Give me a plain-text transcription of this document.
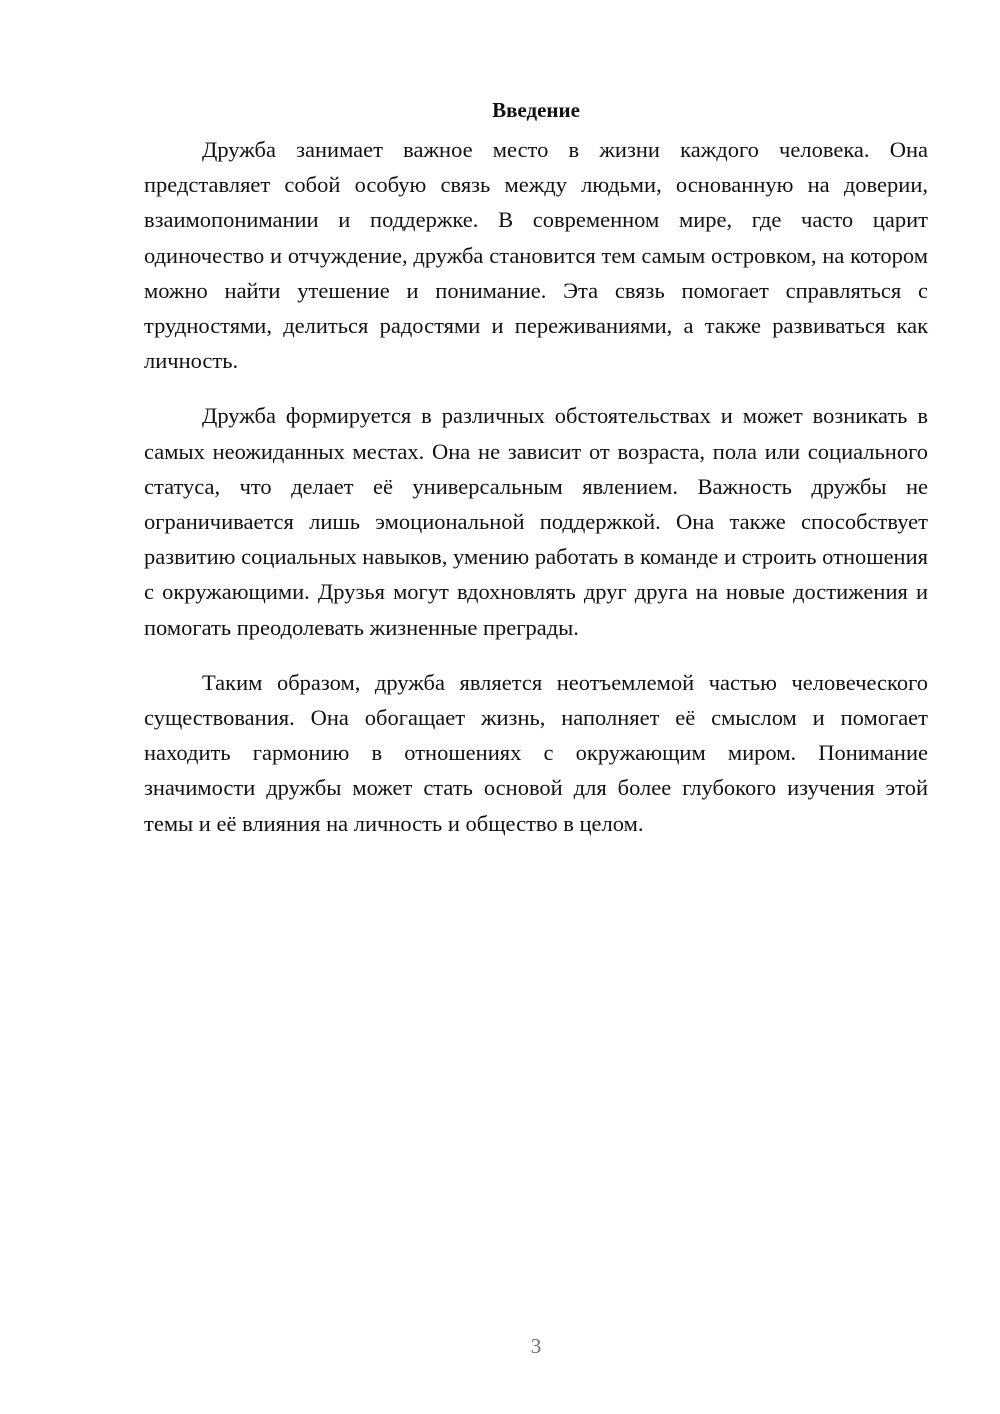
Введение

Дружба занимает важное место в жизни каждого человека. Она представляет собой особую связь между людьми, основанную на доверии, взаимопонимании и поддержке. В современном мире, где часто царит одиночество и отчуждение, дружба становится тем самым островком, на котором можно найти утешение и понимание. Эта связь помогает справляться с трудностями, делиться радостями и переживаниями, а также развиваться как личность.

Дружба формируется в различных обстоятельствах и может возникать в самых неожиданных местах. Она не зависит от возраста, пола или социального статуса, что делает её универсальным явлением. Важность дружбы не ограничивается лишь эмоциональной поддержкой. Она также способствует развитию социальных навыков, умению работать в команде и строить отношения с окружающими. Друзья могут вдохновлять друг друга на новые достижения и помогать преодолевать жизненные преграды.

Таким образом, дружба является неотъемлемой частью человеческого существования. Она обогащает жизнь, наполняет её смыслом и помогает находить гармонию в отношениях с окружающим миром. Понимание значимости дружбы может стать основой для более глубокого изучения этой темы и её влияния на личность и общество в целом.

3
